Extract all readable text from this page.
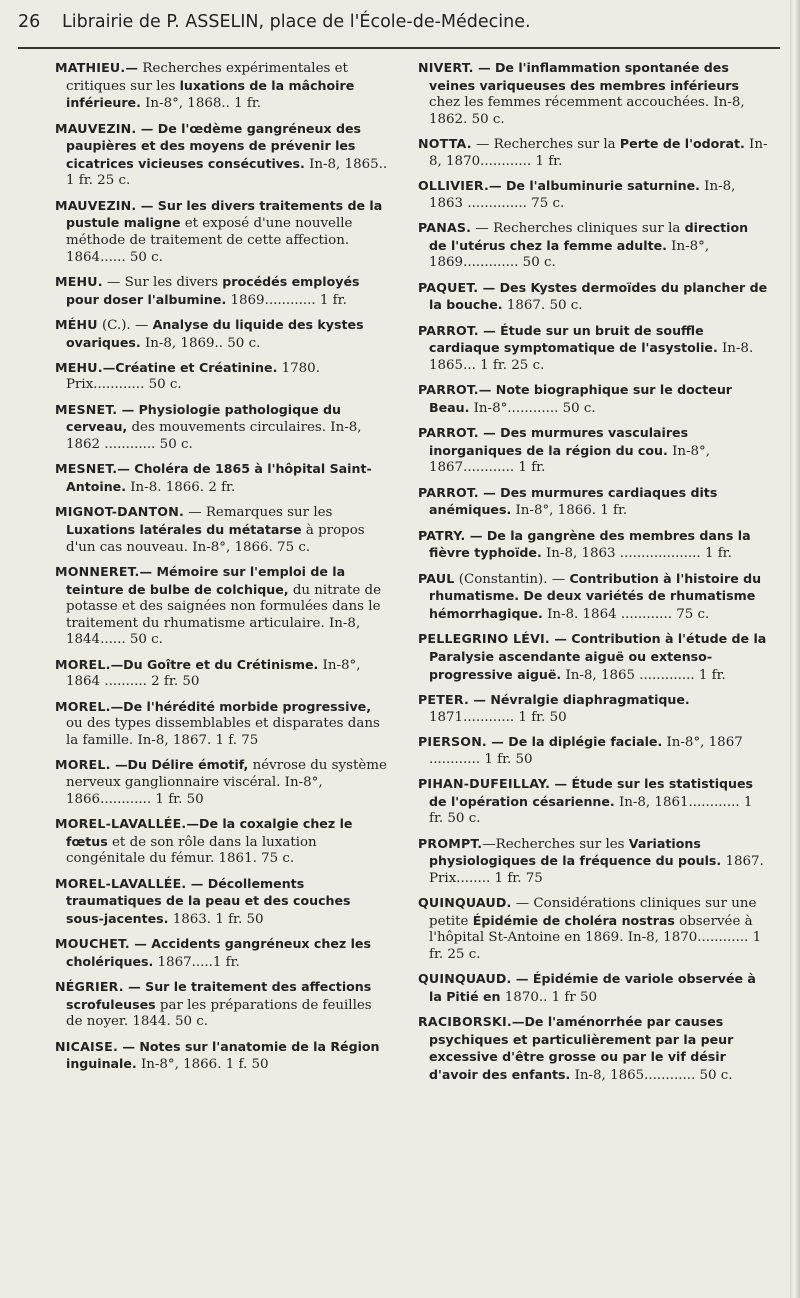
26	Librairie de P. ASSELIN, place de l'École-de-Médecine.

MATHIEU.— Recherches expérimentales et critiques sur les luxations de la mâchoire inférieure. In-8°, 1868.. 1 fr.

MAUVEZIN. — De l'œdème gangréneux des paupières et des moyens de prévenir les cicatrices vicieuses consécutives. In-8, 1865.. 1 fr. 25 c.

MAUVEZIN. — Sur les divers traitements de la pustule maligne et exposé d'une nouvelle méthode de traitement de cette affection. 1864...... 50 c.

MEHU. — Sur les divers procédés employés pour doser l'albumine. 1869............ 1 fr.

MÉHU (C.). — Analyse du liquide des kystes ovariques. In-8, 1869.. 50 c.

MEHU.—Créatine et Créatinine. 1780. Prix............ 50 c.

MESNET. — Physiologie pathologique du cerveau, des mouvements circulaires. In-8, 1862 ............ 50 c.

MESNET.— Choléra de 1865 à l'hôpital Saint-Antoine. In-8. 1866. 2 fr.

MIGNOT-DANTON. — Remarques sur les Luxations latérales du métatarse à propos d'un cas nouveau. In-8°, 1866. 75 c.

MONNERET.— Mémoire sur l'emploi de la teinture de bulbe de colchique, du nitrate de potasse et des saignées non formulées dans le traitement du rhumatisme articulaire. In-8, 1844...... 50 c.

MOREL.—Du Goître et du Crétinisme. In-8°, 1864 .......... 2 fr. 50

MOREL.—De l'hérédité morbide progressive, ou des types dissemblables et disparates dans la famille. In-8, 1867. 1 f. 75

MOREL. —Du Délire émotif, névrose du système nerveux ganglionnaire viscéral. In-8°, 1866............ 1 fr. 50

MOREL-LAVALLÉE.—De la coxalgie chez le fœtus et de son rôle dans la luxation congénitale du fémur. 1861. 75 c.

MOREL-LAVALLÉE. — Décollements traumatiques de la peau et des couches sous-jacentes. 1863. 1 fr. 50

MOUCHET. — Accidents gangréneux chez les cholériques. 1867.....1 fr.

NÉGRIER. — Sur le traitement des affections scrofuleuses par les préparations de feuilles de noyer. 1844. 50 c.

NICAISE. — Notes sur l'anatomie de la Région inguinale. In-8°, 1866. 1 f. 50

NIVERT. — De l'inflammation spontanée des veines variqueuses des membres inférieurs chez les femmes récemment accouchées. In-8, 1862. 50 c.

NOTTA. — Recherches sur la Perte de l'odorat. In-8, 1870............ 1 fr.

OLLIVIER.— De l'albuminurie saturnine. In-8, 1863 .............. 75 c.

PANAS. — Recherches cliniques sur la direction de l'utérus chez la femme adulte. In-8°, 1869............. 50 c.

PAQUET. — Des Kystes dermoïdes du plancher de la bouche. 1867. 50 c.

PARROT. — Étude sur un bruit de souffle cardiaque symptomatique de l'asystolie. In-8. 1865... 1 fr. 25 c.

PARROT.— Note biographique sur le docteur Beau. In-8°............ 50 c.

PARROT. — Des murmures vasculaires inorganiques de la région du cou. In-8°, 1867............ 1 fr.

PARROT. — Des murmures cardiaques dits anémiques. In-8°, 1866. 1 fr.

PATRY. — De la gangrène des membres dans la fièvre typhoïde. In-8, 1863 ................... 1 fr.

PAUL (Constantin). — Contribution à l'histoire du rhumatisme. De deux variétés de rhumatisme hémorrhagique. In-8. 1864 ............ 75 c.

PELLEGRINO LÉVI. — Contribution à l'étude de la Paralysie ascendante aiguë ou extenso-progressive aiguë. In-8, 1865 ............. 1 fr.

PETER. — Névralgie diaphragmatique. 1871............ 1 fr. 50

PIERSON. — De la diplégie faciale. In-8°, 1867 ............ 1 fr. 50

PIHAN-DUFEILLAY. — Étude sur les statistiques de l'opération césarienne. In-8, 1861............ 1 fr. 50 c.

PROMPT.—Recherches sur les Variations physiologiques de la fréquence du pouls. 1867. Prix........ 1 fr. 75

QUINQUAUD. — Considérations cliniques sur une petite Épidémie de choléra nostras observée à l'hôpital St-Antoine en 1869. In-8, 1870............ 1 fr. 25 c.

QUINQUAUD. — Épidémie de variole observée à la Pitié en 1870.. 1 fr 50

RACIBORSKI.—De l'aménorrhée par causes psychiques et particulièrement par la peur excessive d'être grosse ou par le vif désir d'avoir des enfants. In-8, 1865............ 50 c.
